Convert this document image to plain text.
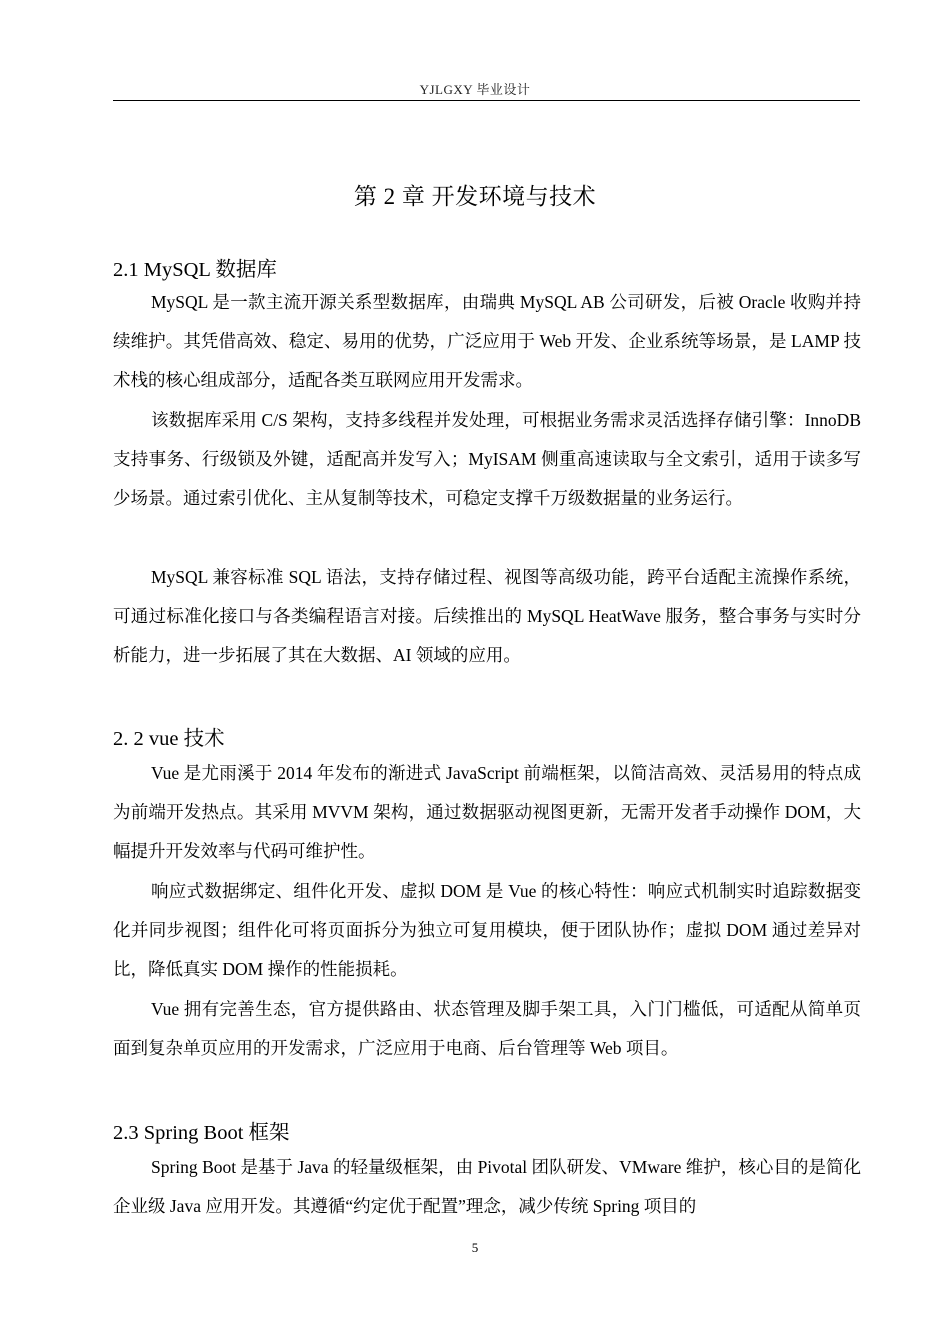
YJLGXY 毕业设计
第 2 章 开发环境与技术
2.1 MySQL 数据库

MySQL 是一款主流开源关系型数据库，由瑞典 MySQL AB 公司研发，后被 Oracle 收购并持续维护。其凭借高效、稳定、易用的优势，广泛应用于 Web 开发、企业系统等场景，是 LAMP 技术栈的核心组成部分，适配各类互联网应用开发需求。

该数据库采用 C/S 架构，支持多线程并发处理，可根据业务需求灵活选择存储引擎：InnoDB 支持事务、行级锁及外键，适配高并发写入；MyISAM 侧重高速读取与全文索引，适用于读多写少场景。通过索引优化、主从复制等技术，可稳定支撑千万级数据量的业务运行。

MySQL 兼容标准 SQL 语法，支持存储过程、视图等高级功能，跨平台适配主流操作系统，可通过标准化接口与各类编程语言对接。后续推出的 MySQL HeatWave 服务，整合事务与实时分析能力，进一步拓展了其在大数据、AI 领域的应用。

2. 2 vue 技术

Vue 是尤雨溪于 2014 年发布的渐进式 JavaScript 前端框架，以简洁高效、灵活易用的特点成为前端开发热点。其采用 MVVM 架构，通过数据驱动视图更新，无需开发者手动操作 DOM，大幅提升开发效率与代码可维护性。

响应式数据绑定、组件化开发、虚拟 DOM 是 Vue 的核心特性：响应式机制实时追踪数据变化并同步视图；组件化可将页面拆分为独立可复用模块，便于团队协作；虚拟 DOM 通过差异对比，降低真实 DOM 操作的性能损耗。

Vue 拥有完善生态，官方提供路由、状态管理及脚手架工具，入门门槛低，可适配从简单页面到复杂单页应用的开发需求，广泛应用于电商、后台管理等 Web 项目。

2.3 Spring Boot 框架

Spring Boot 是基于 Java 的轻量级框架，由 Pivotal 团队研发、VMware 维护，核心目的是简化企业级 Java 应用开发。其遵循“约定优于配置”理念，减少传统 Spring 项目的

5
